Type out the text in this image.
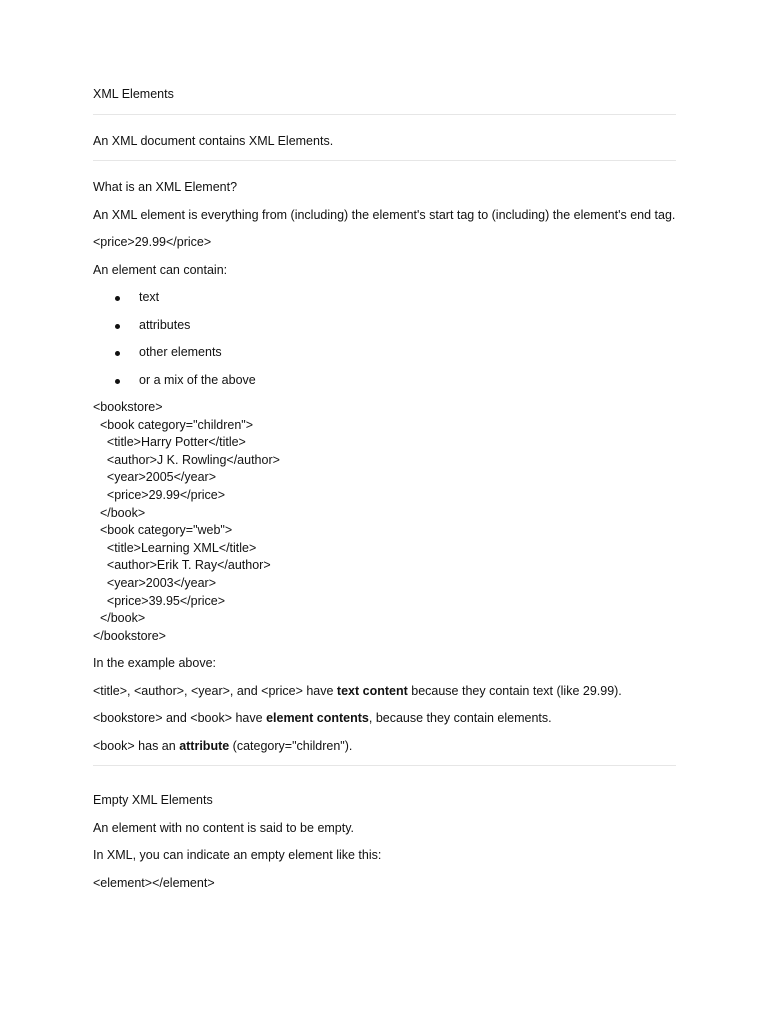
XML Elements

An XML document contains XML Elements.

What is an XML Element?

An XML element is everything from (including) the element's start tag to (including) the element's end tag.

<price>29.99</price>

An element can contain:

text
attributes
other elements
or a mix of the above
<bookstore>
<book category="children">
<title>Harry Potter</title>
<author>J K. Rowling</author>
<year>2005</year>
<price>29.99</price>
</book>
<book category="web">
<title>Learning XML</title>
<author>Erik T. Ray</author>
<year>2003</year>
<price>39.95</price>
</book>
</bookstore>

In the example above:

<title>, <author>, <year>, and <price> have text content because they contain text (like 29.99).

<bookstore> and <book> have element contents, because they contain elements.

<book> has an attribute (category="children").

Empty XML Elements

An element with no content is said to be empty.

In XML, you can indicate an empty element like this:

<element></element>
